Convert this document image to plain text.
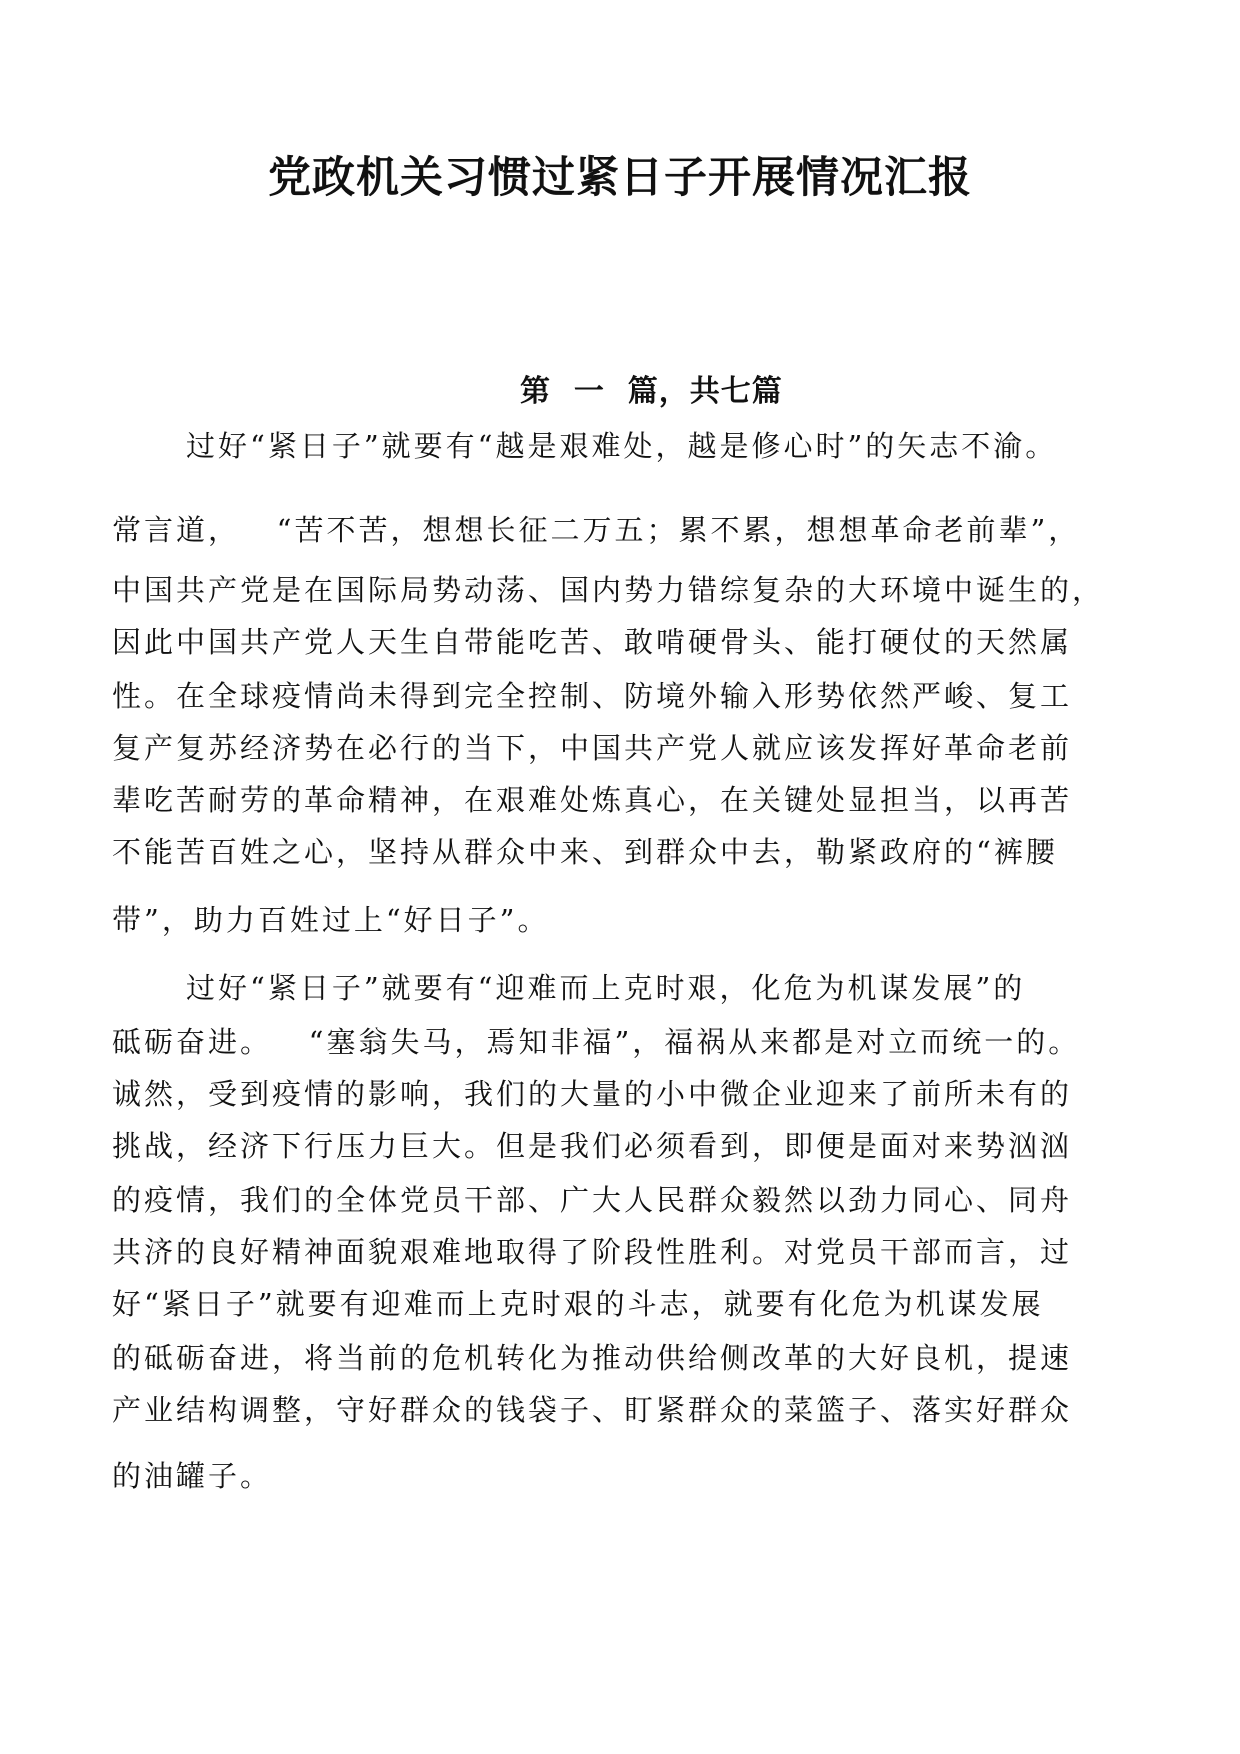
党政机关习惯过紧日子开展情况汇报
第  一  篇，共七篇

过好“紧日子”就要有“越是艰难处，越是修心时”的矢志不渝。

常言道，   “苦不苦，想想长征二万五；累不累，想想革命老前辈”，

中国共产党是在国际局势动荡、国内势力错综复杂的大环境中诞生的，

因此中国共产党人天生自带能吃苦、敢啃硬骨头、能打硬仗的天然属

性。在全球疫情尚未得到完全控制、防境外输入形势依然严峻、复工

复产复苏经济势在必行的当下，中国共产党人就应该发挥好革命老前

辈吃苦耐劳的革命精神，在艰难处炼真心，在关键处显担当，以再苦

不能苦百姓之心，坚持从群众中来、到群众中去，勒紧政府的“裤腰

带”，助力百姓过上“好日子”。

过好“紧日子”就要有“迎难而上克时艰，化危为机谋发展”的

砥砺奋进。   “塞翁失马，焉知非福”，福祸从来都是对立而统一的。

诚然，受到疫情的影响，我们的大量的小中微企业迎来了前所未有的

挑战，经济下行压力巨大。但是我们必须看到，即便是面对来势汹汹

的疫情，我们的全体党员干部、广大人民群众毅然以劲力同心、同舟

共济的良好精神面貌艰难地取得了阶段性胜利。对党员干部而言，过

好“紧日子”就要有迎难而上克时艰的斗志，就要有化危为机谋发展

的砥砺奋进，将当前的危机转化为推动供给侧改革的大好良机，提速

产业结构调整，守好群众的钱袋子、盯紧群众的菜篮子、落实好群众

的油罐子。
